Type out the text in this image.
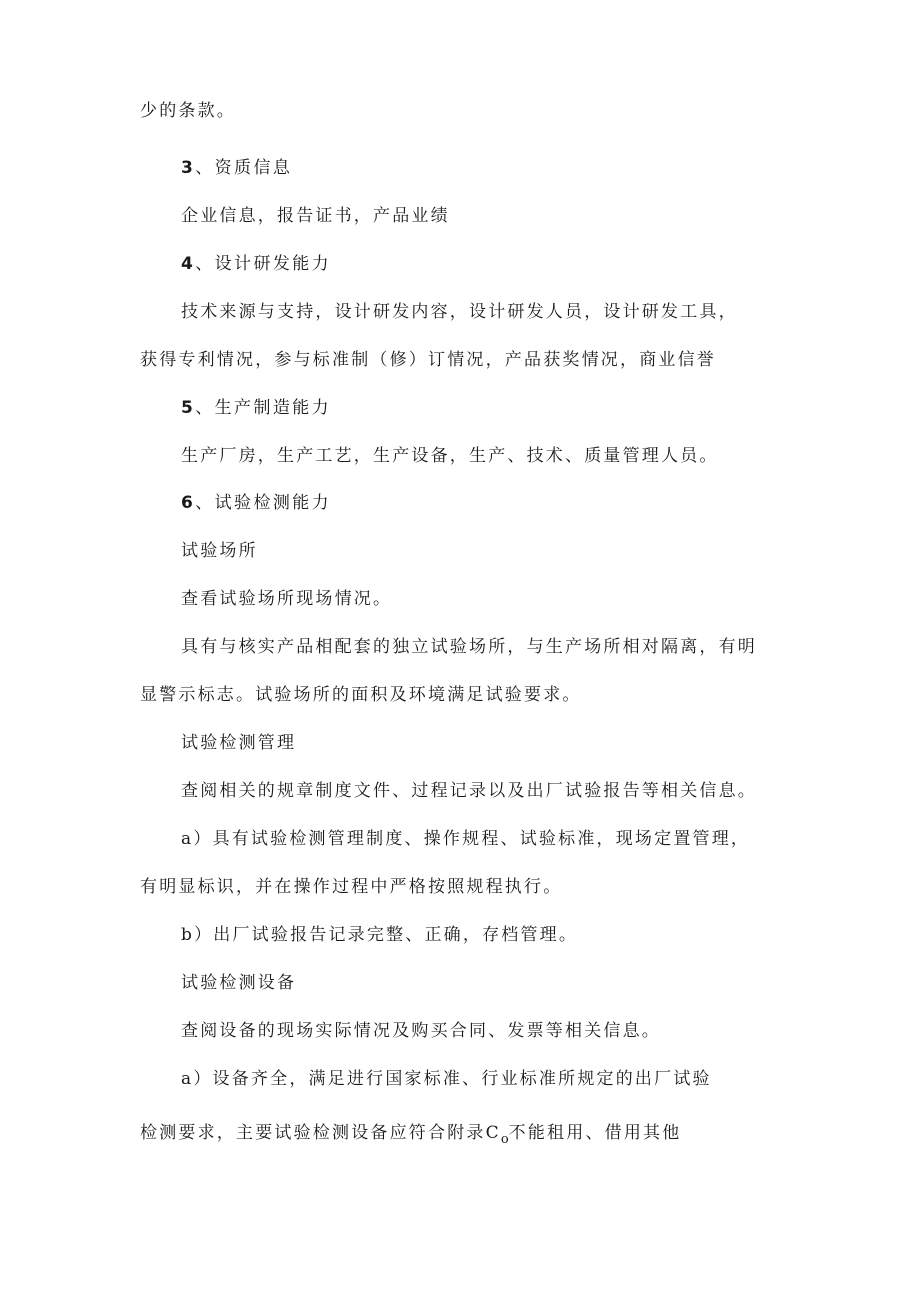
少的条款。
3、资质信息
企业信息，报告证书，产品业绩
4、设计研发能力
技术来源与支持，设计研发内容，设计研发人员，设计研发工具，
获得专利情况，参与标准制（修）订情况，产品获奖情况，商业信誉
5、生产制造能力
生产厂房，生产工艺，生产设备，生产、技术、质量管理人员。
6、试验检测能力
试验场所
查看试验场所现场情况。
具有与核实产品相配套的独立试验场所，与生产场所相对隔离，有明
显警示标志。试验场所的面积及环境满足试验要求。
试验检测管理
查阅相关的规章制度文件、过程记录以及出厂试验报告等相关信息。
a）具有试验检测管理制度、操作规程、试验标准，现场定置管理，
有明显标识，并在操作过程中严格按照规程执行。
b）出厂试验报告记录完整、正确，存档管理。
试验检测设备
查阅设备的现场实际情况及购买合同、发票等相关信息。
a）设备齐全，满足进行国家标准、行业标准所规定的出厂试验
检测要求，主要试验检测设备应符合附录$C_o$不能租用、借用其他
